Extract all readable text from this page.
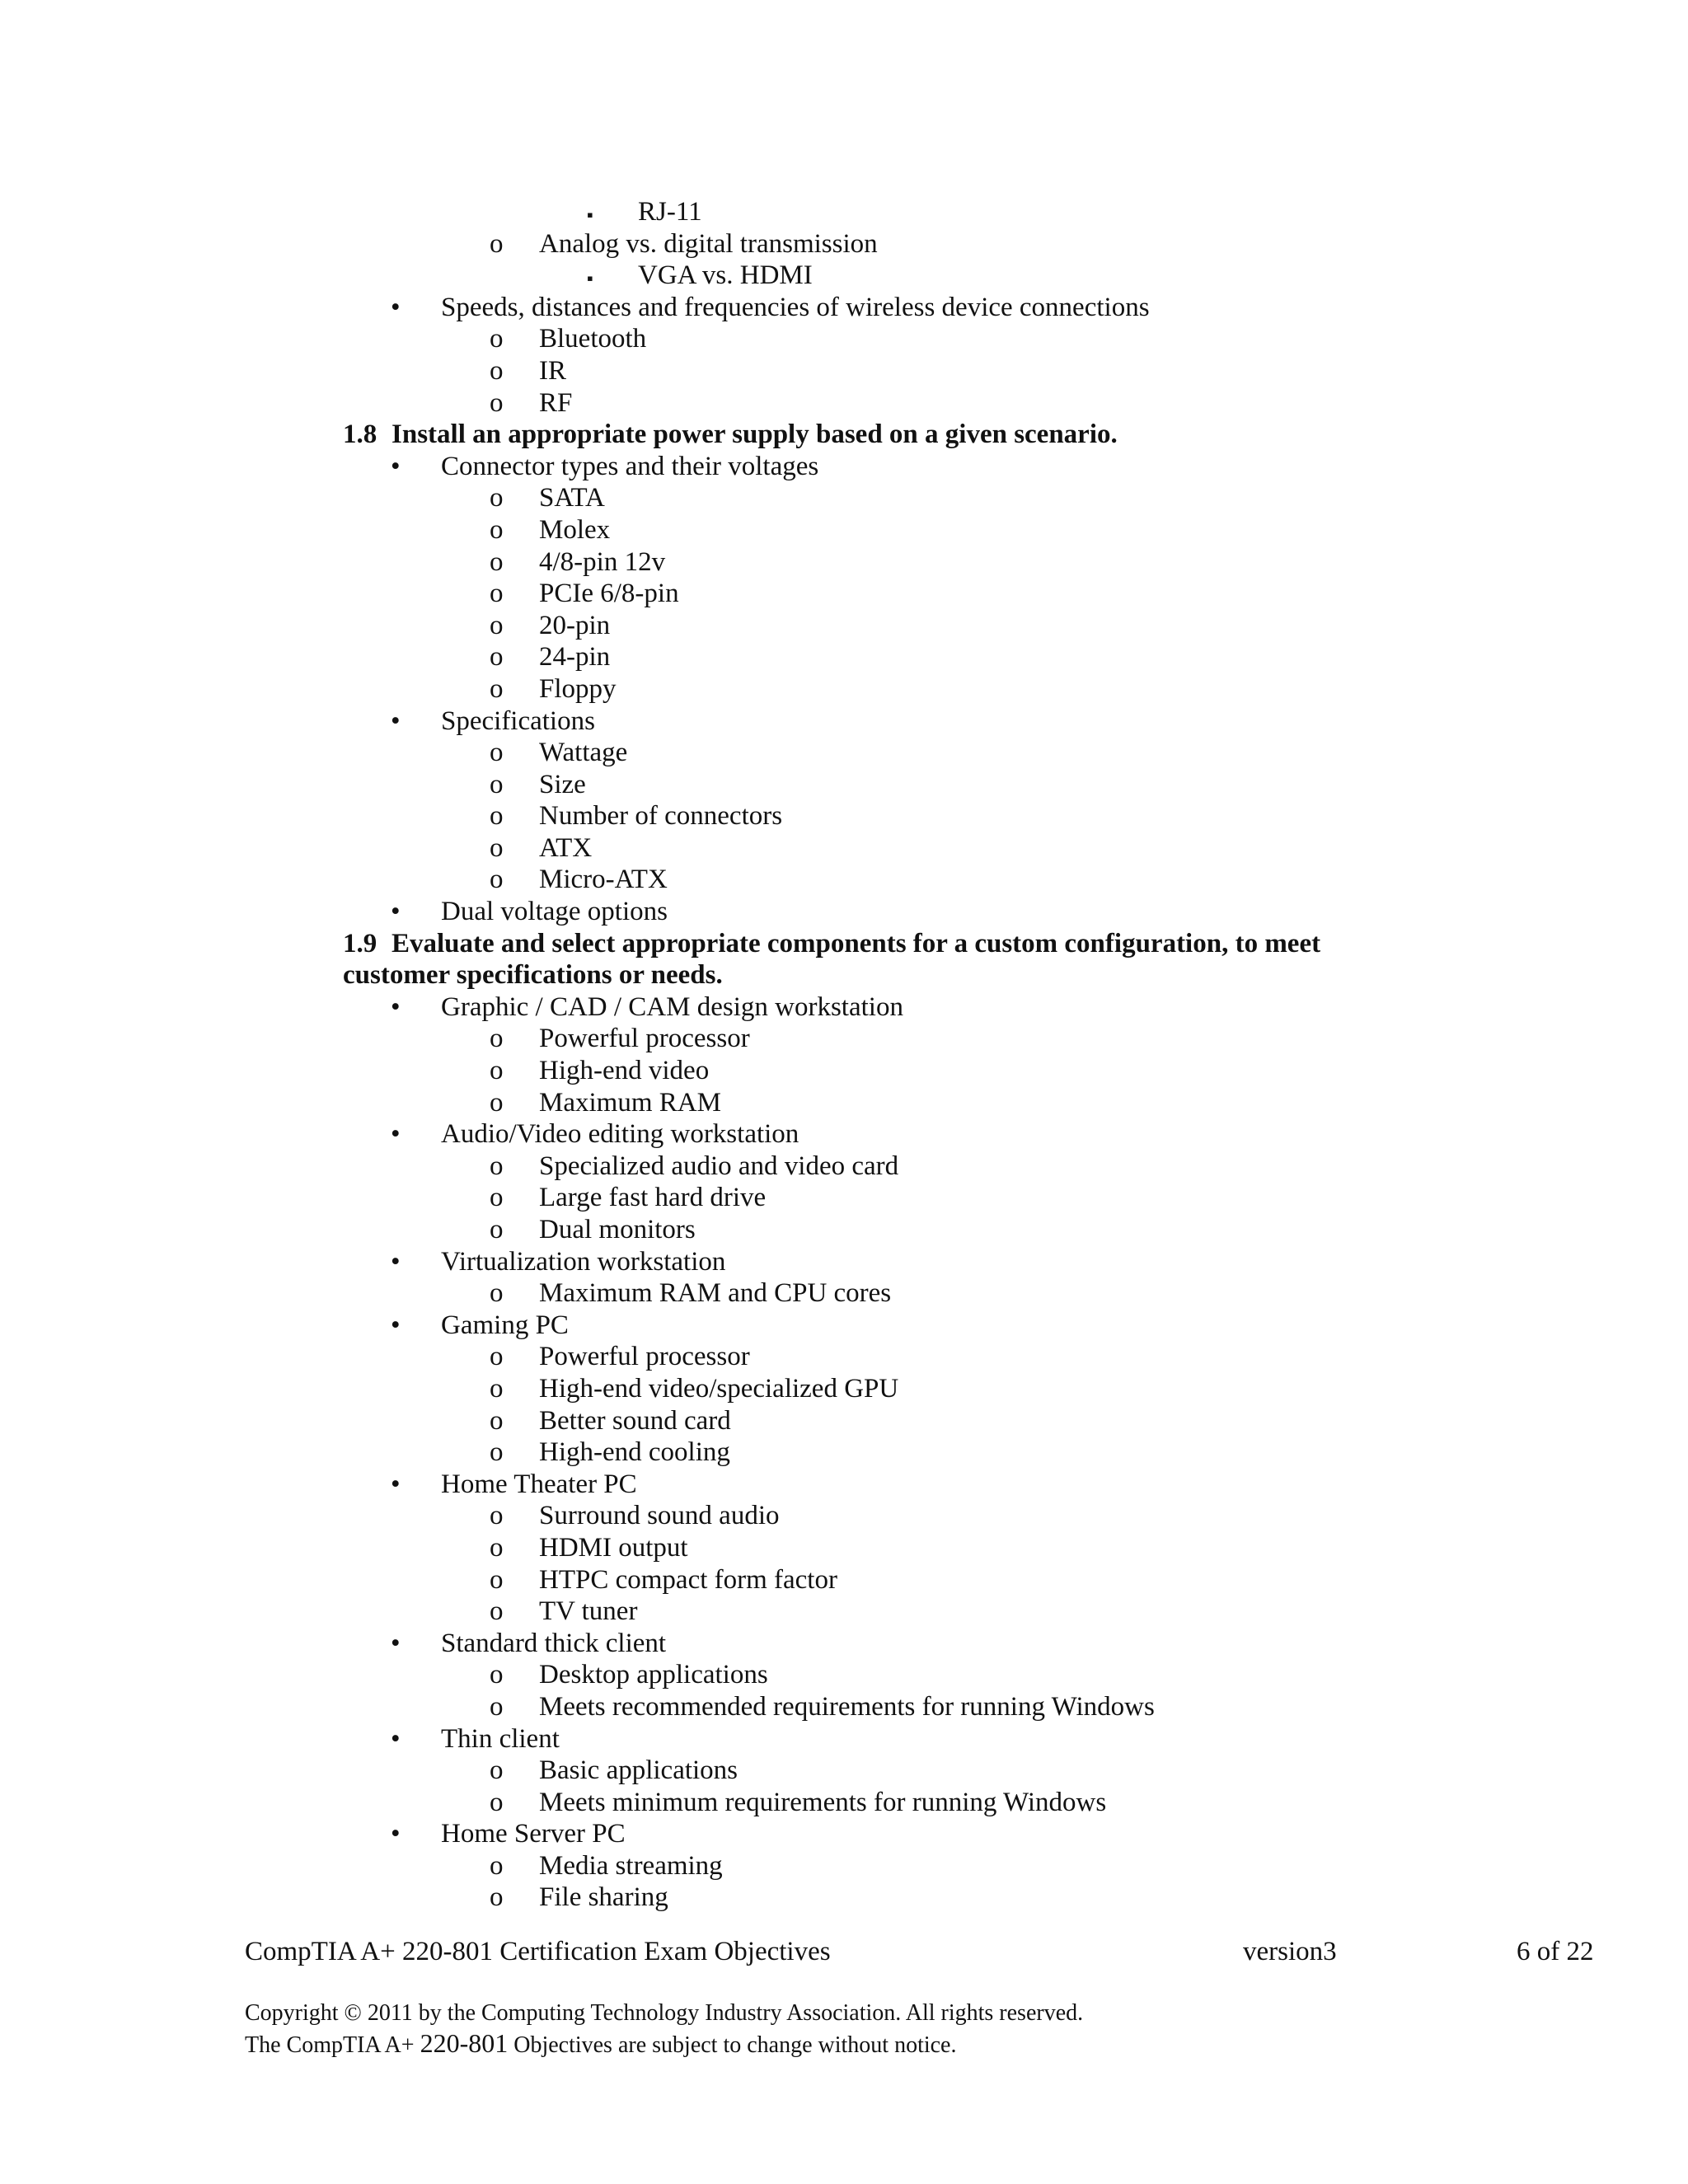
▪ RJ-11
o Analog vs. digital transmission
▪ VGA vs. HDMI
• Speeds, distances and frequencies of wireless device connections
o Bluetooth
o IR
o RF
1.8 Install an appropriate power supply based on a given scenario.
• Connector types and their voltages
o SATA
o Molex
o 4/8-pin 12v
o PCIe 6/8-pin
o 20-pin
o 24-pin
o Floppy
• Specifications
o Wattage
o Size
o Number of connectors
o ATX
o Micro-ATX
• Dual voltage options
1.9 Evaluate and select appropriate components for a custom configuration, to meet
customer specifications or needs.
• Graphic / CAD / CAM design workstation
o Powerful processor
o High-end video
o Maximum RAM
• Audio/Video editing workstation
o Specialized audio and video card
o Large fast hard drive
o Dual monitors
• Virtualization workstation
o Maximum RAM and CPU cores
• Gaming PC
o Powerful processor
o High-end video/specialized GPU
o Better sound card
o High-end cooling
• Home Theater PC
o Surround sound audio
o HDMI output
o HTPC compact form factor
o TV tuner
• Standard thick client
o Desktop applications
o Meets recommended requirements for running Windows
• Thin client
o Basic applications
o Meets minimum requirements for running Windows
• Home Server PC
o Media streaming
o File sharing
CompTIA A+ 220-801 Certification Exam Objectives	version3	6 of 22
Copyright © 2011 by the Computing Technology Industry Association. All rights reserved.
The CompTIA A+ 220-801 Objectives are subject to change without notice.
